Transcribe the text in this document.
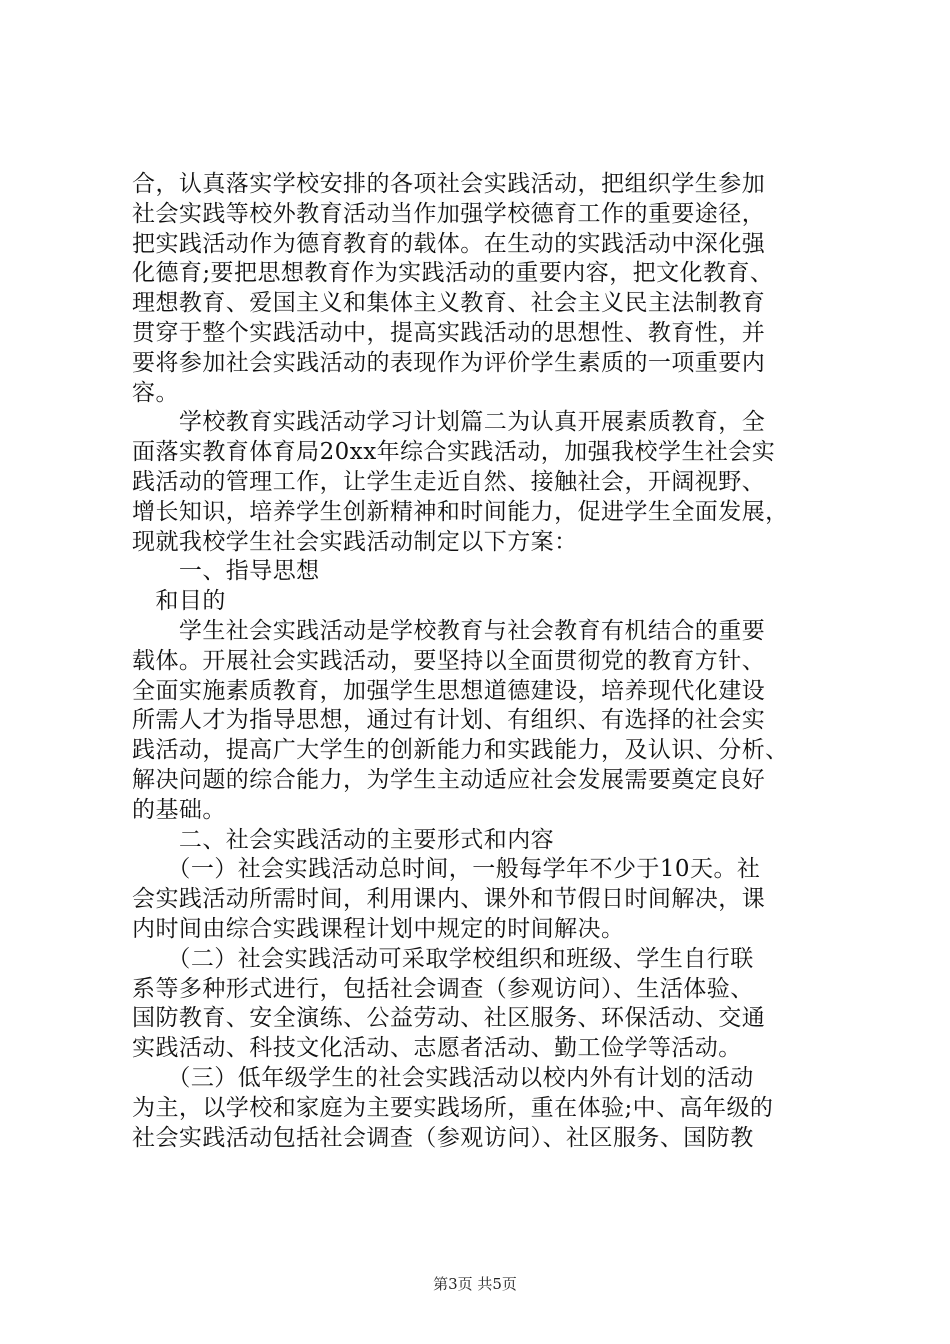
合，认真落实学校安排的各项社会实践活动，把组织学生参加
社会实践等校外教育活动当作加强学校德育工作的重要途径，
把实践活动作为德育教育的载体。在生动的实践活动中深化强
化德育;要把思想教育作为实践活动的重要内容，把文化教育、
理想教育、爱国主义和集体主义教育、社会主义民主法制教育
贯穿于整个实践活动中，提高实践活动的思想性、教育性，并
要将参加社会实践活动的表现作为评价学生素质的一项重要内
容。
　　学校教育实践活动学习计划篇二为认真开展素质教育，全
面落实教育体育局20xx年综合实践活动，加强我校学生社会实
践活动的管理工作，让学生走近自然、接触社会，开阔视野、
增长知识，培养学生创新精神和时间能力，促进学生全面发展，
现就我校学生社会实践活动制定以下方案：
　　一、指导思想
　和目的
　　学生社会实践活动是学校教育与社会教育有机结合的重要
载体。开展社会实践活动，要坚持以全面贯彻党的教育方针、
全面实施素质教育，加强学生思想道德建设，培养现代化建设
所需人才为指导思想，通过有计划、有组织、有选择的社会实
践活动，提高广大学生的创新能力和实践能力，及认识、分析、
解决问题的综合能力，为学生主动适应社会发展需要奠定良好
的基础。
　　二、社会实践活动的主要形式和内容
　　（一）社会实践活动总时间，一般每学年不少于10天。社
会实践活动所需时间，利用课内、课外和节假日时间解决，课
内时间由综合实践课程计划中规定的时间解决。
　　（二）社会实践活动可采取学校组织和班级、学生自行联
系等多种形式进行，包括社会调查（参观访问）、生活体验、
国防教育、安全演练、公益劳动、社区服务、环保活动、交通
实践活动、科技文化活动、志愿者活动、勤工俭学等活动。
　　（三）低年级学生的社会实践活动以校内外有计划的活动
为主，以学校和家庭为主要实践场所，重在体验;中、高年级的
社会实践活动包括社会调查（参观访问）、社区服务、国防教
第3页 共5页
